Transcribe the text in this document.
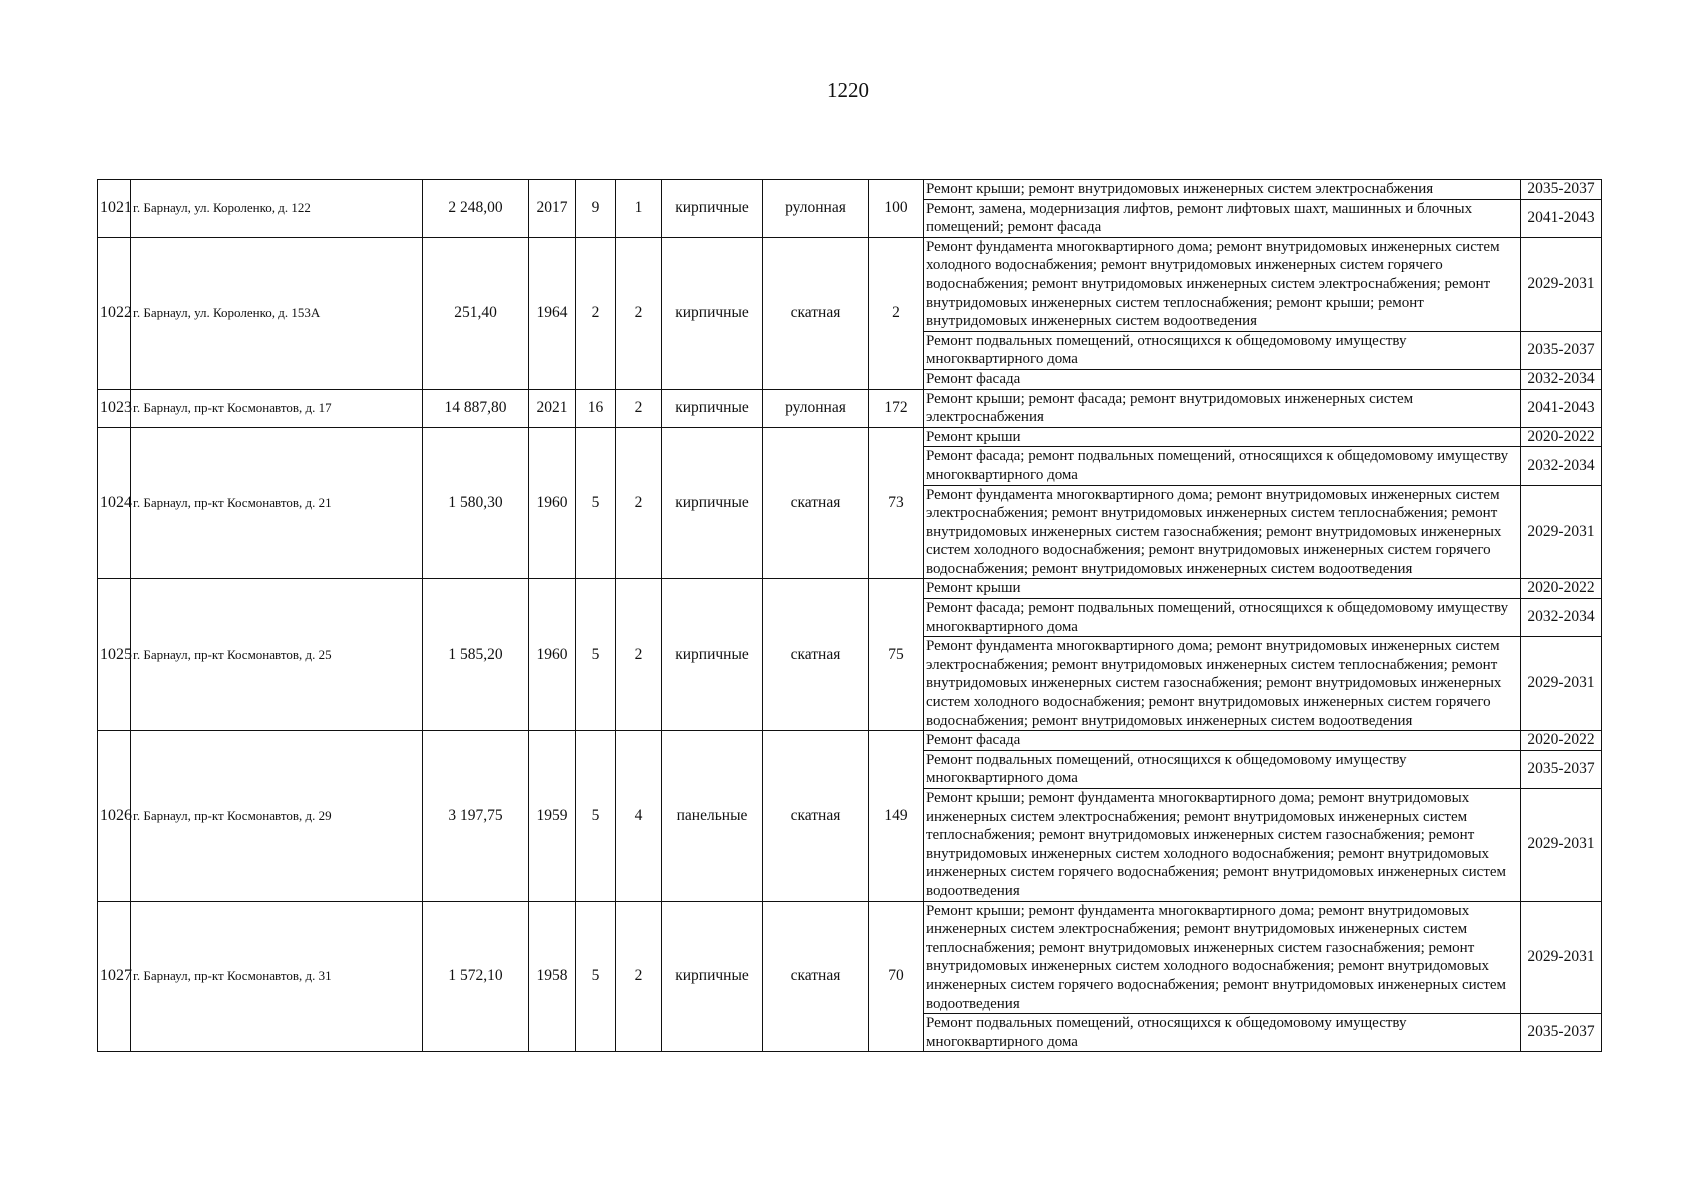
1220
1021	г. Барнаул, ул. Короленко, д. 122	2 248,00	2017	9	1	кирпичные	рулонная	100	Ремонт крыши; ремонт внутридомовых инженерных систем электроснабжения	2035-2037
									Ремонт, замена, модернизация лифтов, ремонт лифтовых шахт, машинных и блочных помещений; ремонт фасада	2041-2043
1022	г. Барнаул, ул. Короленко, д. 153А	251,40	1964	2	2	кирпичные	скатная	2	Ремонт фундамента многоквартирного дома; ремонт внутридомовых инженерных систем холодного водоснабжения; ремонт внутридомовых инженерных систем горячего водоснабжения; ремонт внутридомовых инженерных систем электроснабжения; ремонт внутридомовых инженерных систем теплоснабжения; ремонт крыши; ремонт внутридомовых инженерных систем водоотведения	2029-2031
									Ремонт подвальных помещений, относящихся к общедомовому имуществу многоквартирного дома	2035-2037
									Ремонт фасада	2032-2034
1023	г. Барнаул, пр-кт Космонавтов, д. 17	14 887,80	2021	16	2	кирпичные	рулонная	172	Ремонт крыши; ремонт фасада; ремонт внутридомовых инженерных систем электроснабжения	2041-2043
1024	г. Барнаул, пр-кт Космонавтов, д. 21	1 580,30	1960	5	2	кирпичные	скатная	73	Ремонт крыши	2020-2022
									Ремонт фасада; ремонт подвальных помещений, относящихся к общедомовому имуществу многоквартирного дома	2032-2034
									Ремонт фундамента многоквартирного дома; ремонт внутридомовых инженерных систем электроснабжения; ремонт внутридомовых инженерных систем теплоснабжения; ремонт внутридомовых инженерных систем газоснабжения; ремонт внутридомовых инженерных систем холодного водоснабжения; ремонт внутридомовых инженерных систем горячего водоснабжения; ремонт внутридомовых инженерных систем водоотведения	2029-2031
1025	г. Барнаул, пр-кт Космонавтов, д. 25	1 585,20	1960	5	2	кирпичные	скатная	75	Ремонт крыши	2020-2022
									Ремонт фасада; ремонт подвальных помещений, относящихся к общедомовому имуществу многоквартирного дома	2032-2034
									Ремонт фундамента многоквартирного дома; ремонт внутридомовых инженерных систем электроснабжения; ремонт внутридомовых инженерных систем теплоснабжения; ремонт внутридомовых инженерных систем газоснабжения; ремонт внутридомовых инженерных систем холодного водоснабжения; ремонт внутридомовых инженерных систем горячего водоснабжения; ремонт внутридомовых инженерных систем водоотведения	2029-2031
1026	г. Барнаул, пр-кт Космонавтов, д. 29	3 197,75	1959	5	4	панельные	скатная	149	Ремонт фасада	2020-2022
									Ремонт подвальных помещений, относящихся к общедомовому имуществу многоквартирного дома	2035-2037
									Ремонт крыши; ремонт фундамента многоквартирного дома; ремонт внутридомовых инженерных систем электроснабжения; ремонт внутридомовых инженерных систем теплоснабжения; ремонт внутридомовых инженерных систем газоснабжения; ремонт внутридомовых инженерных систем холодного водоснабжения; ремонт внутридомовых инженерных систем горячего водоснабжения; ремонт внутридомовых инженерных систем водоотведения	2029-2031
1027	г. Барнаул, пр-кт Космонавтов, д. 31	1 572,10	1958	5	2	кирпичные	скатная	70	Ремонт крыши; ремонт фундамента многоквартирного дома; ремонт внутридомовых инженерных систем электроснабжения; ремонт внутридомовых инженерных систем теплоснабжения; ремонт внутридомовых инженерных систем газоснабжения; ремонт внутридомовых инженерных систем холодного водоснабжения; ремонт внутридомовых инженерных систем горячего водоснабжения; ремонт внутридомовых инженерных систем водоотведения	2029-2031
									Ремонт подвальных помещений, относящихся к общедомовому имуществу многоквартирного дома	2035-2037
